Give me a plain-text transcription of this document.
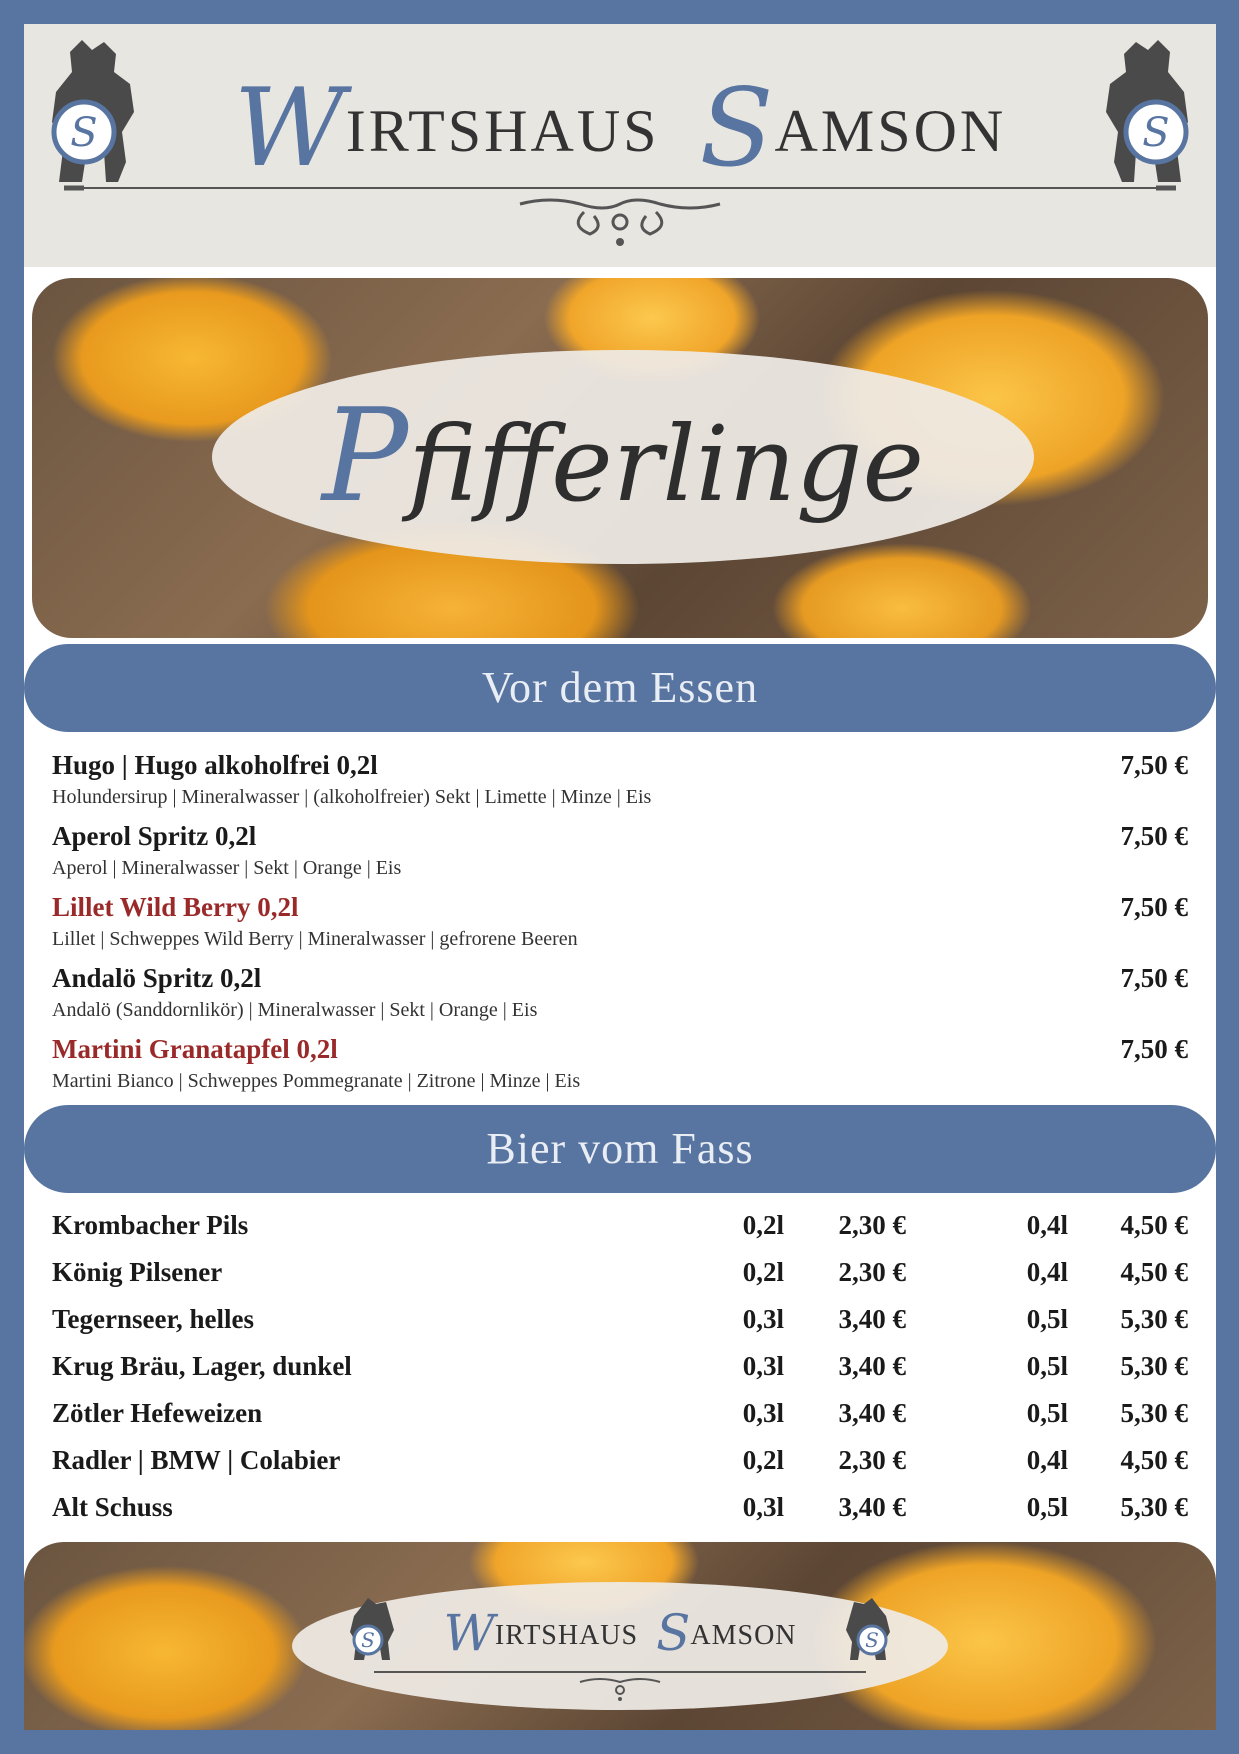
S	S
WIRTSHAUS SAMSON
Pfifferlinge
Vor dem Essen
Hugo | Hugo alkoholfrei 0,2l	7,50 €
Holundersirup | Mineralwasser | (alkoholfreier) Sekt | Limette | Minze | Eis
Aperol Spritz 0,2l	7,50 €
Aperol | Mineralwasser | Sekt | Orange | Eis
Lillet Wild Berry 0,2l	7,50 €
Lillet | Schweppes Wild Berry | Mineralwasser | gefrorene Beeren
Andalö Spritz 0,2l	7,50 €
Andalö (Sanddornlikör) | Mineralwasser | Sekt | Orange | Eis
Martini Granatapfel 0,2l	7,50 €
Martini Bianco | Schweppes Pommegranate | Zitrone | Minze | Eis
Bier vom Fass
Krombacher Pils	0,2l 2,30 €	0,4l 4,50 €
König Pilsener	0,2l 2,30 €	0,4l 4,50 €
Tegernseer, helles	0,3l 3,40 €	0,5l 5,30 €
Krug Bräu, Lager, dunkel	0,3l 3,40 €	0,5l 5,30 €
Zötler Hefeweizen	0,3l 3,40 €	0,5l 5,30 €
Radler | BMW | Colabier	0,2l 2,30 €	0,4l 4,50 €
Alt Schuss	0,3l 3,40 €	0,5l 5,30 €
S	S
WIRTSHAUS SAMSON
